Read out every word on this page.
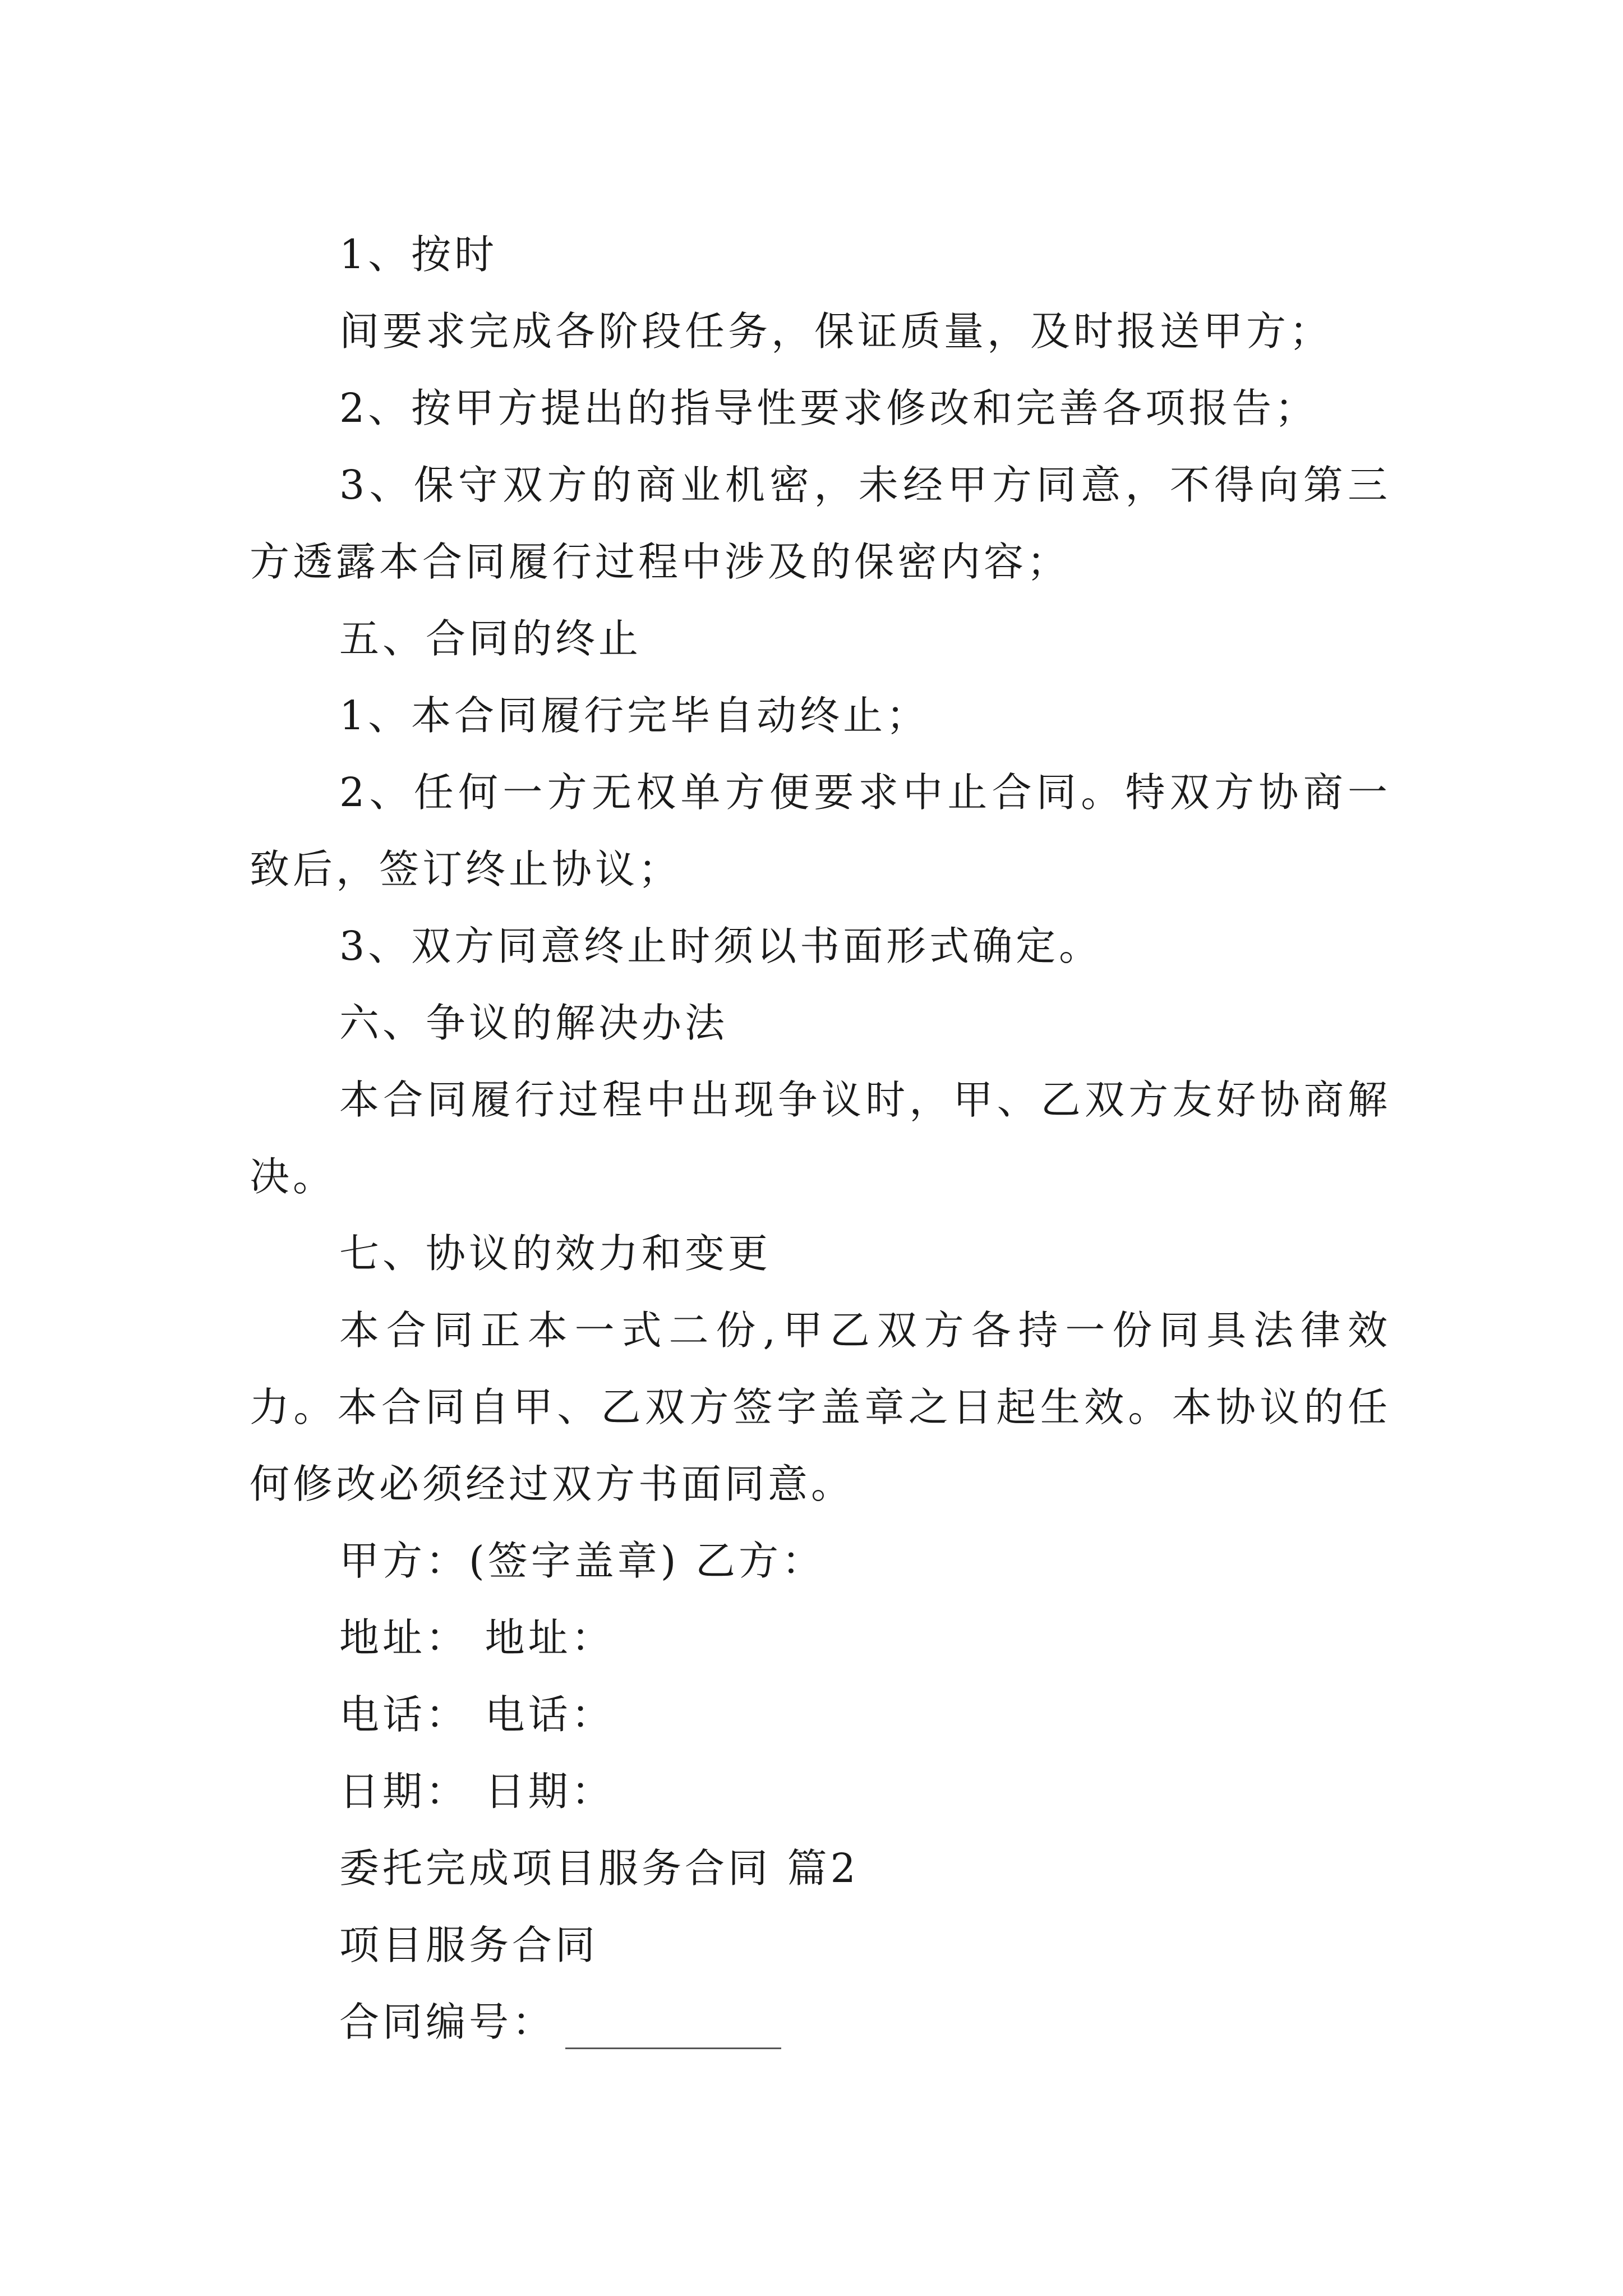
1、按时

间要求完成各阶段任务，保证质量，及时报送甲方；

2、按甲方提出的指导性要求修改和完善各项报告；

3、保守双方的商业机密，未经甲方同意，不得向第三方透露本合同履行过程中涉及的保密内容；

五、合同的终止

1、本合同履行完毕自动终止；

2、任何一方无权单方便要求中止合同。特双方协商一致后，签订终止协议；

3、双方同意终止时须以书面形式确定。

六、争议的解决办法

本合同履行过程中出现争议时，甲、乙双方友好协商解决。

七、协议的效力和变更

本合同正本一式二份,甲乙双方各持一份同具法律效力。本合同自甲、乙双方签字盖章之日起生效。本协议的任何修改必须经过双方书面同意。

甲方：(签字盖章) 乙方：

地址： 地址：

电话： 电话：

日期： 日期：

委托完成项目服务合同 篇2

项目服务合同

合同编号：
